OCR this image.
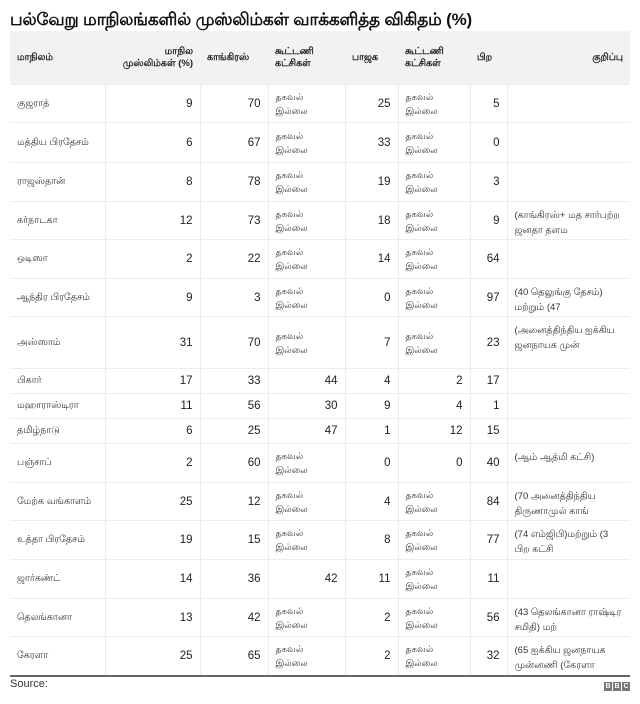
பல்வேறு மாநிலங்களில் முஸ்லிம்கள் வாக்களித்த விகிதம் (%)
மாநிலம்	மாநில முஸ்லிம்கள் (%)	காங்கிரஸ்	கூட்டணி கட்சிகள்	பாஜக	கூட்டணி கட்சிகள்	பிற	குறிப்பு
குஜராத்	9	70	தகவல் இல்லை	25	தகவல் இல்லை	5	
மத்திய பிரதேசம்	6	67	தகவல் இல்லை	33	தகவல் இல்லை	0	
ராஜஸ்தான்	8	78	தகவல் இல்லை	19	தகவல் இல்லை	3	
கர்நாடகா	12	73	தகவல் இல்லை	18	தகவல் இல்லை	9	(காங்கிரஸ்+ மத சார்பற்ற ஜனதா தளம
ஒடிஸா	2	22	தகவல் இல்லை	14	தகவல் இல்லை	64	
ஆந்திர பிரதேசம்	9	3	தகவல் இல்லை	0	தகவல் இல்லை	97	(40 தெலுங்கு தேசம்) மற்றும் (47
அஸ்ஸாம்	31	70	தகவல் இல்லை	7	தகவல் இல்லை	23	(அனைத்திந்திய ஐக்கிய ஜனநாயக முன்
பிகார்	17	33	44	4	2	17	
மஹாராஸ்டிரா	11	56	30	9	4	1	
தமிழ்நாடு	6	25	47	1	12	15	
பஞ்சாப்	2	60	தகவல் இல்லை	0	0	40	(ஆம் ஆத்மி கட்சி)
மேற்க வங்காளம்	25	12	தகவல் இல்லை	4	தகவல் இல்லை	84	(70 அனைத்திந்திய திருணாமுல் காங்
உத்தா பிரதேசம்	19	15	தகவல் இல்லை	8	தகவல் இல்லை	77	(74 எம்ஜிபி)மற்றும் (3 பிற கட்சி
ஜார்கண்ட்	14	36	42	11	தகவல் இல்லை	11	
தெலங்கானா	13	42	தகவல் இல்லை	2	தகவல் இல்லை	56	(43 தெலங்கானா ராஷ்டிர சமிதி) மற்
கேரளா	25	65	தகவல் இல்லை	2	தகவல் இல்லை	32	(65 ஐக்கிய ஜனநாயக முன்னணி (கேரளா
Source:	B B C
